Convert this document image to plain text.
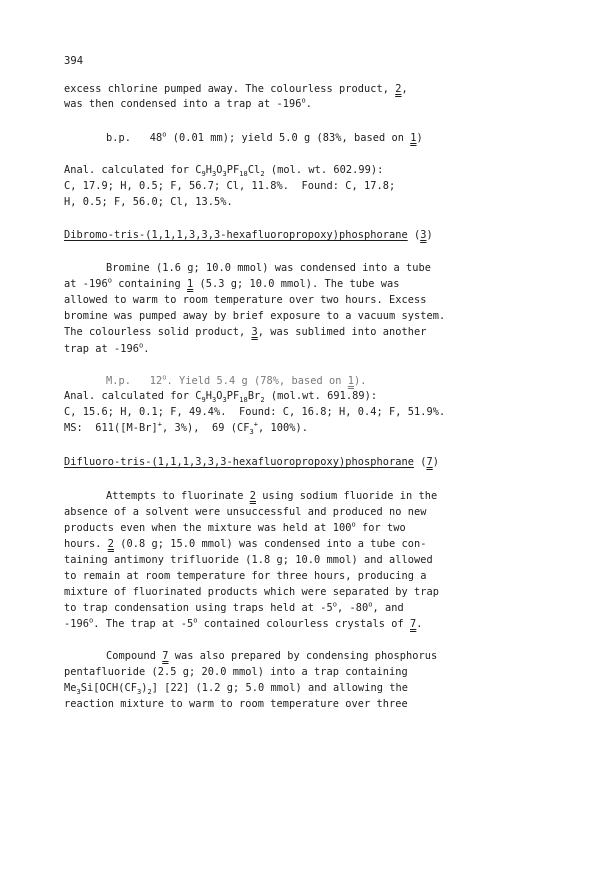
394
excess chlorine pumped away. The colourless product, 2,
was then condensed into a trap at -196$^o$.
b.p.   48$^o$ (0.01 mm); yield 5.0 g (83%, based on 1)
Anal. calculated for $C_9H_3O_3PF_{18}Cl_2$ (mol. wt. 602.99):
C, 17.9; H, 0.5; F, 56.7; Cl, 11.8%.  Found: C, 17.8;
H, 0.5; F, 56.0; Cl, 13.5%.
Dibromo-tris-(1,1,1,3,3,3-hexafluoropropoxy)phosphorane (3)
Bromine (1.6 g; 10.0 mmol) was condensed into a tube
at -196$^o$ containing 1 (5.3 g; 10.0 mmol). The tube was
allowed to warm to room temperature over two hours. Excess
bromine was pumped away by brief exposure to a vacuum system.
The colourless solid product, 3, was sublimed into another
trap at -196$^o$.
M.p.   12$^o$. Yield 5.4 g (78%, based on 1).
Anal. calculated for $C_9H_3O_3PF_{18}Br_2$ (mol.wt. 691.89):
C, 15.6; H, 0.1; F, 49.4%.  Found: C, 16.8; H, 0.4; F, 51.9%.
MS:  611([M-Br]+, 3%),  69 ($CF_3^+$, 100%).
Difluoro-tris-(1,1,1,3,3,3-hexafluoropropoxy)phosphorane (7)
Attempts to fluorinate 2 using sodium fluoride in the
absence of a solvent were unsuccessful and produced no new
products even when the mixture was held at 100$^o$ for two
hours. 2 (0.8 g; 15.0 mmol) was condensed into a tube con-
taining antimony trifluoride (1.8 g; 10.0 mmol) and allowed
to remain at room temperature for three hours, producing a
mixture of fluorinated products which were separated by trap
to trap condensation using traps held at -5$^o$, -80$^o$, and
-196$^o$. The trap at -5$^o$ contained colourless crystals of 7.
Compound 7 was also prepared by condensing phosphorus
pentafluoride (2.5 g; 20.0 mmol) into a trap containing
$Me_3Si[OCH(CF_3)_2]$ [22] (1.2 g; 5.0 mmol) and allowing the
reaction mixture to warm to room temperature over three
